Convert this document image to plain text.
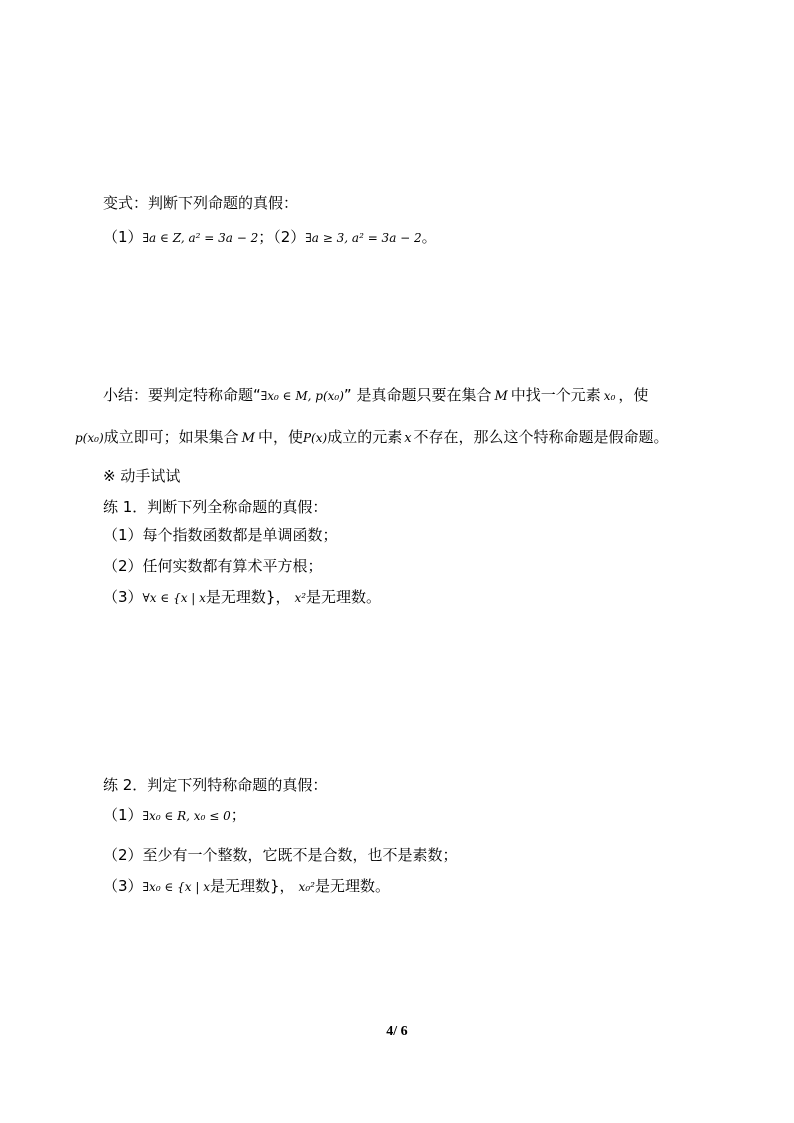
变式：判断下列命题的真假：
（1）∃a ∈ Z, a² = 3a − 2；（2）∃a ≥ 3, a² = 3a − 2。
小结：要判定特称命题“∃x₀ ∈ M, p(x₀)” 是真命题只要在集合 M 中找一个元素 x₀ ，使
p(x₀)成立即可；如果集合 M 中，使P(x)成立的元素 x 不存在，那么这个特称命题是假命题。
※ 动手试试
练 1．判断下列全称命题的真假：
（1）每个指数函数都是单调函数；
（2）任何实数都有算术平方根；
（3）∀x ∈ {x | x是无理数}， x²是无理数。
练 2．判定下列特称命题的真假：
（1）∃x₀ ∈ R, x₀ ≤ 0；
（2）至少有一个整数，它既不是合数，也不是素数；
（3）∃x₀ ∈ {x | x是无理数}， x₀²是无理数。
4/ 6
